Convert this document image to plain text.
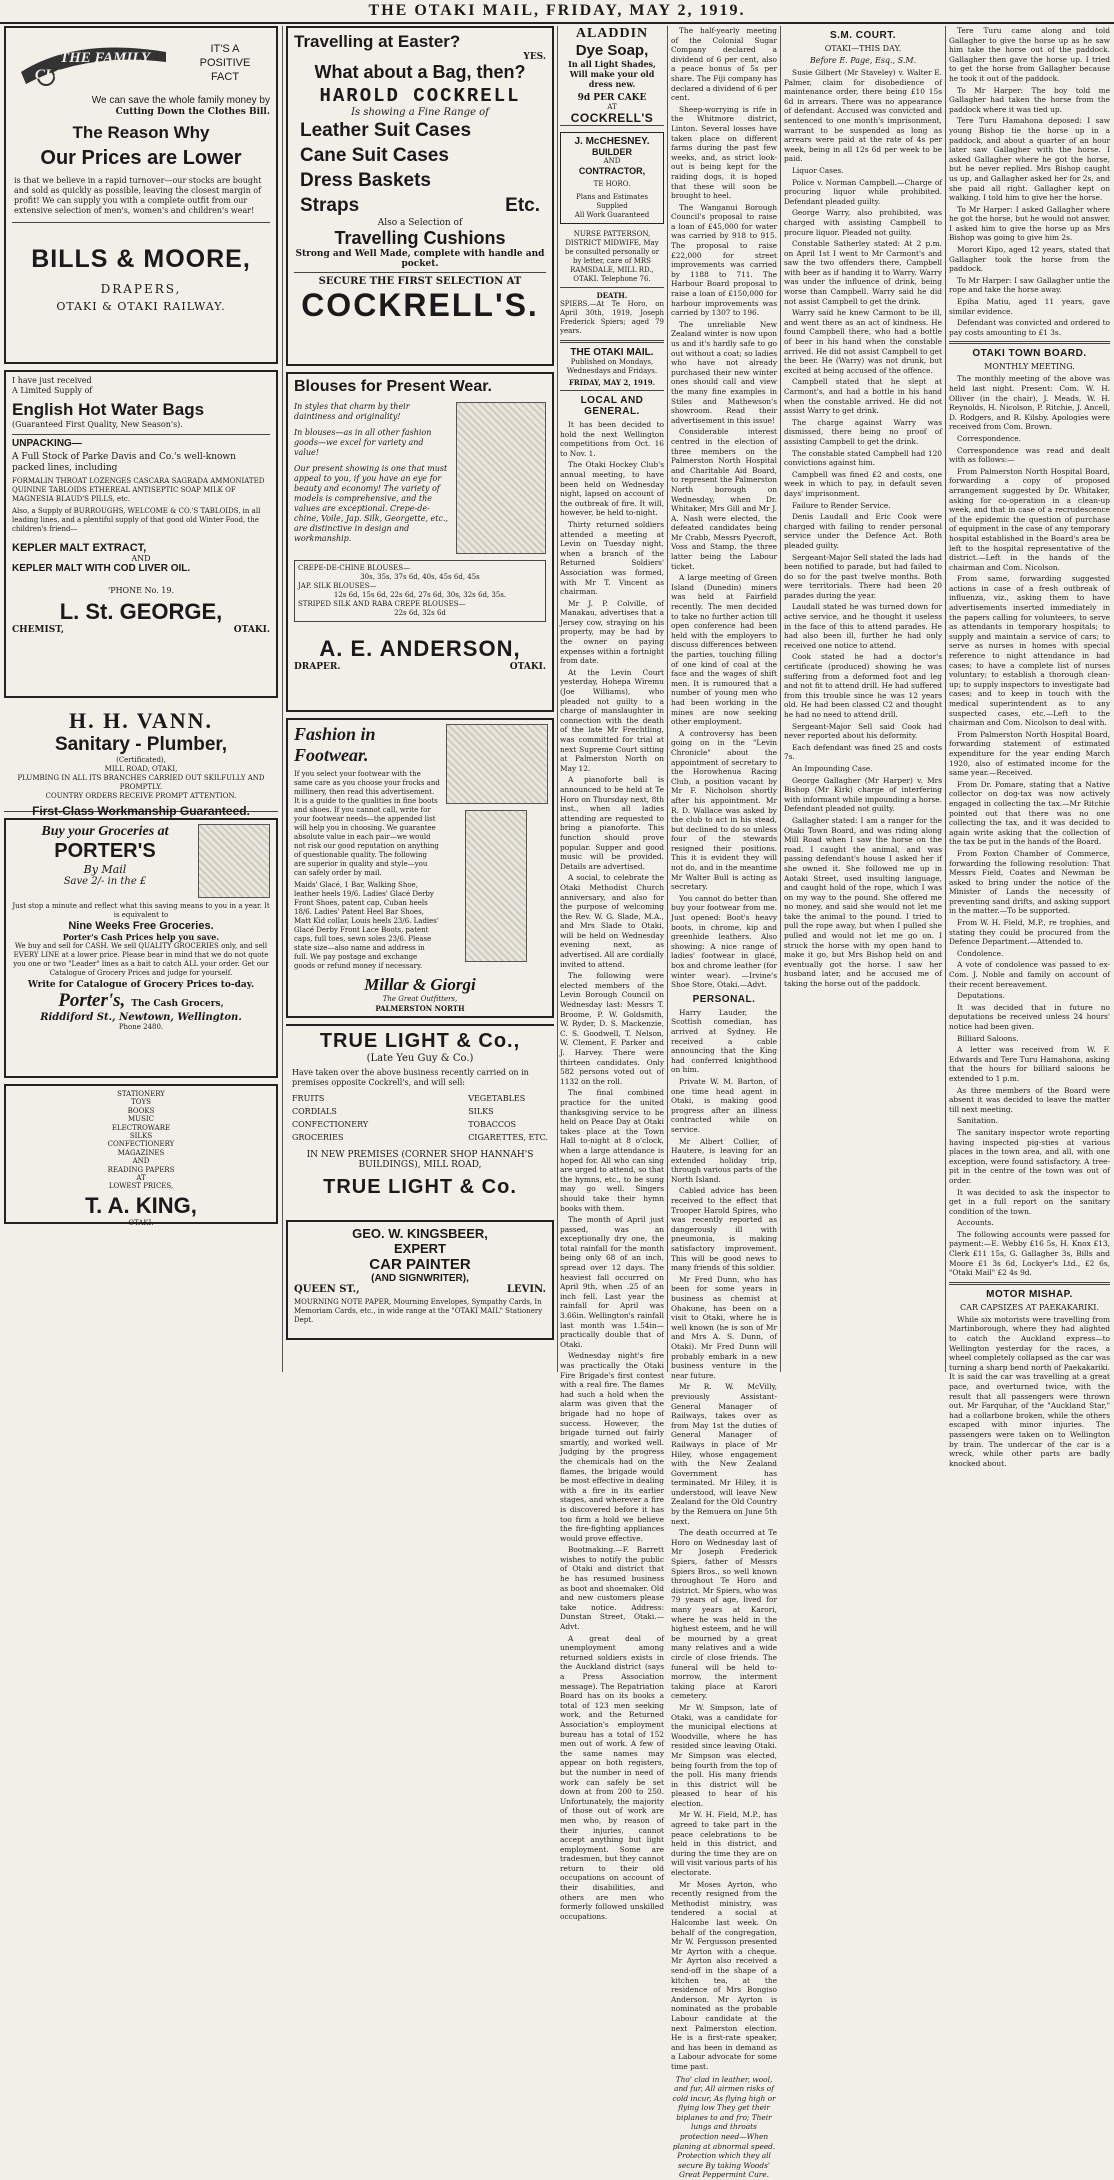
THE OTAKI MAIL, FRIDAY, MAY 2, 1919.
THE FAMILY CLOTHES BILL CUT
IT'S A
POSITIVE
FACT
We can save the whole family money by
Cutting Down the Clothes Bill.
The Reason Why
Our Prices are Lower
is that we believe in a rapid turnover—our stocks are bought and sold as quickly as possible, leaving the closest margin of profit! We can supply you with a complete outfit from our extensive selection of men's, women's and children's wear!
BILLS & MOORE,
DRAPERS,
OTAKI & OTAKI RAILWAY.
I have just received
A Limited Supply of
English Hot Water Bags
(Guaranteed First Quality, New Season's).
UNPACKING—
A Full Stock of Parke Davis and Co.'s well-known packed lines, including
FORMALIN THROAT LOZENGES CASCARA SAGRADA AMMONIATED QUININE TABLOIDS ETHEREAL ANTISEPTIC SOAP MILK OF MAGNESIA BLAUD'S PILLS, etc.
Also, a Supply of BURROUGHS, WELCOME & CO.'S TABLOIDS, in all leading lines, and a plentiful supply of that good old Winter Food, the children's friend—
KEPLER MALT EXTRACT,
AND
KEPLER MALT WITH COD LIVER OIL.
'PHONE No. 19.
L. St. GEORGE,
CHEMIST,	OTAKI.
H. H. VANN.
Sanitary - Plumber,
(Certificated),
MILL ROAD, OTAKI,
PLUMBING IN ALL ITS BRANCHES CARRIED OUT SKILFULLY AND PROMPTLY.
COUNTRY ORDERS RECEIVE PROMPT ATTENTION.
First-Class Workmanship Guaranteed.
Buy your Groceries at
PORTER'S
By Mail
Save 2/- in the £
Just stop a minute and reflect what this saving means to you in a year. It is equivalent to
Nine Weeks Free Groceries.
Porter's Cash Prices help you save.
We buy and sell for CASH. We sell QUALITY GROCERIES only, and sell EVERY LINE at a lower price. Please bear in mind that we do not quote you one or two "Leader" lines as a bait to catch ALL your order. Get our Catalogue of Grocery Prices and judge for yourself.
Write for Catalogue of Grocery Prices to-day.
Porter's, The Cash Grocers,
Riddiford St., Newtown, Wellington.
Phone 2480.
STATIONERY
TOYS
BOOKS
MUSIC
ELECTROWARE
SILKS
CONFECTIONERY
MAGAZINES
AND
READING PAPERS
AT
LOWEST PRICES,
T. A. KING,
OTAKI.
Travelling at Easter?
YES.
What about a Bag, then?
HAROLD COCKRELL
Is showing a Fine Range of
Leather Suit Cases
Cane Suit Cases
Dress Baskets
Straps	Etc.
Also a Selection of
Travelling Cushions
Strong and Well Made, complete with handle and pocket.
SECURE THE FIRST SELECTION AT
COCKRELL'S.
Blouses for Present Wear.
In styles that charm by their daintiness and originality!
In blouses—as in all other fashion goods—we excel for variety and value!
Our present showing is one that must appeal to you, if you have an eye for beauty and economy! The variety of models is comprehensive, and the values are exceptional. Crepe-de-chine, Voile, Jap. Silk, Georgette, etc., are distinctive in design and workmanship.
CREPE-DE-CHINE BLOUSES—
30s, 35s, 37s 6d, 40s, 45s 6d, 45s
JAP. SILK BLOUSES—
12s 6d, 15s 6d, 22s 6d, 27s 6d, 30s, 32s 6d, 35s.
STRIPED SILK AND RABA CREPE BLOUSES—
22s 6d, 32s 6d
A. E. ANDERSON,
DRAPER.	OTAKI.
Fashion in
Footwear.
If you select your footwear with the same care as you choose your frocks and millinery, then read this advertisement. It is a guide to the qualities in fine boots and shoes. If you cannot call, write for your footwear needs—the appended list will help you in choosing. We guarantee absolute value in each pair—we would not risk our good reputation on anything of questionable quality. The following are superior in quality and style—you can safely order by mail.
Maids' Glacé, 1 Bar, Walking Shoe, leather heels 19/6. Ladies' Glacé Derby Front Shoes, patent cap, Cuban heels 18/6. Ladies' Patent Heel Bar Shoes, Matt Kid collar, Louis heels 23/6. Ladies' Glacé Derby Front Lace Boots, patent caps, full toes, sewn soles 23/6. Please state size—also name and address in full. We pay postage and exchange goods or refund money if necessary.
Millar & Giorgi
The Great Outfitters,
PALMERSTON NORTH
TRUE LIGHT & Co.,
(Late Yeu Guy & Co.)
Have taken over the above business recently carried on in premises opposite Cockrell's, and will sell:
FRUITS
CORDIALS
CONFECTIONERY
GROCERIES
VEGETABLES
SILKS
TOBACCOS
CIGARETTES, ETC.
IN NEW PREMISES (CORNER SHOP HANNAH'S BUILDINGS), MILL ROAD,
TRUE LIGHT & Co.
GEO. W. KINGSBEER,
EXPERT
CAR PAINTER
(AND SIGNWRITER),
QUEEN ST.,	LEVIN.
MOURNING NOTE PAPER, Mourning Envelopes, Sympathy Cards, In Memoriam Cards, etc., in wide range at the "OTAKI MAIL" Stationery Dept.
ALADDIN
Dye Soap,
In all Light Shades,
Will make your old dress new.
9d PER CAKE
AT
COCKRELL'S
J. McCHESNEY.
BUILDER
AND
CONTRACTOR,
TE HORO.
Plans and Estimates Supplied
All Work Guaranteed
NURSE PATTERSON, DISTRICT MIDWIFE, May be consulted personally or by letter, care of MRS RAMSDALE, MILL RD., OTAKI. Telephone 76.
DEATH.
SPIERS.—At Te Horo, on April 30th, 1919, Joseph Frederick Spiers; aged 79 years.
THE OTAKI MAIL.
Published on Mondays, Wednesdays and Fridays.
FRIDAY, MAY 2, 1919.
LOCAL AND GENERAL.

It has been decided to hold the next Wellington competitions from Oct. 16 to Nov. 1.

The Otaki Hockey Club's annual meeting, to have been held on Wednesday night, lapsed on account of the outbreak of fire. It will, however, be held to-night.

Thirty returned soldiers attended a meeting at Levin on Tuesday night, when a branch of the Returned Soldiers' Association was formed, with Mr T. Vincent as chairman.

Mr J. P. Colville, of Manakau, advertises that a Jersey cow, straying on his property, may be had by the owner on paying expenses within a fortnight from date.

At the Levin Court yesterday, Hohepa Wiremu (Joe Williams), who pleaded not guilty to a charge of manslaughter in connection with the death of the late Mr Frechtling, was committed for trial at next Supreme Court sitting at Palmerston North on May 12.

A pianoforte ball is announced to be held at Te Horo on Thursday next, 8th inst., when all ladies attending are requested to bring a pianoforte. This function should prove popular. Supper and good music will be provided. Details are advertised.

A social, to celebrate the Otaki Methodist Church anniversary, and also for the purpose of welcoming the Rev. W. G. Slade, M.A., and Mrs Slade to Otaki, will be held on Wednesday evening next, as advertised. All are cordially invited to attend.

The following were elected members of the Levin Borough Council on Wednesday last: Messrs T. Broome, P. W. Goldsmith, W. Ryder, D. S. Mackenzie, C. S. Goodwell, T. Nelson, W. Clement, F. Parker and J. Harvey. There were thirteen candidates. Only 582 persons voted out of 1132 on the roll.

The final combined practice for the united thanksgiving service to be held on Peace Day at Otaki takes place at the Town Hall to-night at 8 o'clock, when a large attendance is hoped for. All who can sing are urged to attend, so that the hymns, etc., to be sung may go well. Singers should take their hymn books with them.

The month of April just passed, was an exceptionally dry one, the total rainfall for the month being only 68 of an inch, spread over 12 days. The heaviest fall occurred on April 9th, when .25 of an inch fell. Last year the rainfall for April was 3.66in. Wellington's rainfall last month was 1.54in—practically double that of Otaki.

Wednesday night's fire was practically the Otaki Fire Brigade's first contest with a real fire. The flames had such a hold when the alarm was given that the brigade had no hope of success. However, the brigade turned out fairly smartly, and worked well. Judging by the progress the chemicals had on the flames, the brigade would be most effective in dealing with a fire in its earlier stages, and wherever a fire is discovered before it has too firm a hold we believe the fire-fighting appliances would prove effective.

Bootmaking.—F. Barrett wishes to notify the public of Otaki and district that he has resumed business as boot and shoemaker. Old and new customers please take notice. Address: Dunstan Street, Otaki.—Advt.

A great deal of unemployment among returned soldiers exists in the Auckland district (says a Press Association message). The Repatriation Board has on its books a total of 123 men seeking work, and the Returned Association's employment bureau has a total of 152 men out of work. A few of the same names may appear on both registers, but the number in need of work can safely be set down at from 200 to 250. Unfortunately, the majority of those out of work are men who, by reason of their injuries, cannot accept anything but light employment. Some are tradesmen, but they cannot return to their old occupations on account of their disabilities, and others are men who formerly followed unskilled occupations.

The half-yearly meeting of the Colonial Sugar Company declared a dividend of 6 per cent, also a peace bonus of 5s per share. The Fiji company has declared a dividend of 6 per cent.

Sheep-worrying is rife in the Whitmore district, Linton. Several losses have taken place on different farms during the past few weeks, and, as strict look-out is being kept for the raiding dogs, it is hoped that these will soon be brought to heel.

The Wanganui Borough Council's proposal to raise a loan of £45,000 for water was carried by 918 to 915. The proposal to raise £22,000 for street improvements was carried by 1188 to 711. The Harbour Board proposal to raise a loan of £150,000 for harbour improvements was carried by 1307 to 196.

The unreliable New Zealand winter is now upon us and it's hardly safe to go out without a coat; so ladies who have not already purchased their new winter ones should call and view the many fine examples in Stiles and Mathewson's showroom. Read their advertisement in this issue!

Considerable interest centred in the election of three members on the Palmerston North Hospital and Charitable Aid Board, to represent the Palmerston North borough on Wednesday, when Dr. Whitaker, Mrs Gill and Mr J. A. Nash were elected, the defeated candidates being Mr Crabb, Messrs Pyecroft, Voss and Stamp, the three latter being the Labour ticket.

A large meeting of Green Island (Dunedin) miners was held at Fairfield recently. The men decided to take no further action till open conference had been held with the employers to discuss differences between the parties, touching filling of one kind of coal at the face and the wages of shift men. It is rumoured that a number of young men who had been working in the mines are now seeking other employment.

A controversy has been going on in the "Levin Chronicle" about the appointment of secretary to the Horowhenua Racing Club, a position vacant by Mr F. Nicholson shortly after his appointment. Mr R. D. Wallace was asked by the club to act in his stead, but declined to do so unless four of the stewards resigned their positions. This it is evident they will not do, and in the meantime Mr Walter Bull is acting as secretary.

You cannot do better than buy your footwear from me. Just opened: Boot's heavy boots, in chrome, kip and greenhide leathers. Also showing: A nice range of ladies' footwear in glacé, box and chrome leather (for winter wear). —Irvine's Shoe Store, Otaki.—Advt.

PERSONAL.

Harry Lauder, the Scottish comedian, has arrived at Sydney. He received a cable announcing that the King had conferred knighthood on him.

Private W. M. Barton, of one time head agent in Otaki, is making good progress after an illness contracted while on service.

Mr Albert Collier, of Hautere, is leaving for an extended holiday trip, through various parts of the North Island.

Cabled advice has been received to the effect that Trooper Harold Spires, who was recently reported as dangerously ill with pneumonia, is making satisfactory improvement. This will be good news to many friends of this soldier.

Mr Fred Dunn, who has been for some years in business as chemist at Ohakune, has been on a visit to Otaki, where he is well known (he is son of Mr and Mrs A. S. Dunn, of Otaki). Mr Fred Dunn will probably embark in a new business venture in the near future.

Mr R. W. McVilly, previously Assistant-General Manager of Railways, takes over as from May 1st the duties of General Manager of Railways in place of Mr Hiley, whose engagement with the New Zealand Government has terminated. Mr Hiley, it is understood, will leave New Zealand for the Old Country by the Remuera on June 5th next.

The death occurred at Te Horo on Wednesday last of Mr Joseph Frederick Spiers, father of Messrs Spiers Bros., so well known throughout Te Horo and district. Mr Spiers, who was 79 years of age, lived for many years at Karori, where he was held in the highest esteem, and he will be mourned by a great many relatives and a wide circle of close friends. The funeral will be held to-morrow, the interment taking place at Karori cemetery.

Mr W. Simpson, late of Otaki, was a candidate for the municipal elections at Woodville, where he has resided since leaving Otaki. Mr Simpson was elected, being fourth from the top of the poll. His many friends in this district will be pleased to hear of his election.

Mr W. H. Field, M.P., has agreed to take part in the peace celebrations to be held in this district, and during the time they are on will visit various parts of his electorate.

Mr Moses Ayrton, who recently resigned from the Methodist ministry, was tendered a social at Halcombe last week. On behalf of the congregation, Mr W. Fergusson presented Mr Ayrton with a cheque. Mr Ayrton also received a send-off in the shape of a kitchen tea, at the residence of Mrs Bongiso Anderson. Mr Ayrton is nominated as the probable Labour candidate at the next Palmerston election. He is a first-rate speaker, and has been in demand as a Labour advocate for some time past.

Tho' clad in leather, wool, and fur, All airmen risks of cold incur, As flying high or flying low They get their biplanes to and fro; Their lungs and throats protection need—When planing at abnormal speed. Protection which they all secure By taking Woods' Great Peppermint Cure.
S.M. COURT.
OTAKI—THIS DAY.
Before E. Page, Esq., S.M.

Susie Gilbert (Mr Staveley) v. Walter E. Palmer, claim for disobedience of maintenance order, there being £10 15s 6d in arrears. There was no appearance of defendant. Accused was convicted and sentenced to one month's imprisonment, warrant to be suspended as long as arrears were paid at the rate of 4s per week, being in all 12s 6d per week to be paid.

Liquor Cases.

Police v. Norman Campbell.—Charge of procuring liquor while prohibited. Defendant pleaded guilty.

George Warry, also prohibited, was charged with assisting Campbell to procure liquor. Pleaded not guilty.

Constable Satherley stated: At 2 p.m. on April 1st I went to Mr Carmont's and saw the two offenders there, Campbell with beer as if handing it to Warry. Warry was under the influence of drink, being worse than Campbell. Warry said he did not assist Campbell to get the drink.

Warry said he knew Carmont to be ill, and went there as an act of kindness. He found Campbell there, who had a bottle of beer in his hand when the constable arrived. He did not assist Campbell to get the beer. He (Warry) was not drunk, but excited at being accused of the offence.

Campbell stated that he slept at Carmont's, and had a bottle in his hand when the constable arrived. He did not assist Warry to get drink.

The charge against Warry was dismissed, there being no proof of assisting Campbell to get the drink.

The constable stated Campbell had 120 convictions against him.

Campbell was fined £2 and costs, one week in which to pay, in default seven days' imprisonment.

Failure to Render Service.

Denis Laudall and Eric Cook were charged with failing to render personal service under the Defence Act. Both pleaded guilty.

Sergeant-Major Sell stated the lads had been notified to parade, but had failed to do so for the past twelve months. Both were territorials. There had been 20 parades during the year.

Laudall stated he was turned down for active service, and he thought it useless in the face of this to attend parades. He had also been ill, further he had only received one notice to attend.

Cook stated he had a doctor's certificate (produced) showing he was suffering from a deformed foot and leg and not fit to attend drill. He had suffered from this trouble since he was 12 years old. He had been classed C2 and thought he had no need to attend drill.

Sergeant-Major Sell said Cook had never reported about his deformity.

Each defendant was fined 25 and costs 7s.

An Impounding Case.

George Gallagher (Mr Harper) v. Mrs Bishop (Mr Kirk) charge of interfering with informant while impounding a horse. Defendant pleaded not guilty.

Gallagher stated: I am a ranger for the Otaki Town Board, and was riding along Mill Road when I saw the horse on the road. I caught the animal, and was passing defendant's house I asked her if she owned it. She followed me up in Aotaki Street, used insulting language, and caught hold of the rope, which I was on my way to the pound. She offered me no money, and said she would not let me take the animal to the pound. I tried to pull the rope away, but when I pulled she pulled and would not let me go on. I struck the horse with my open hand to make it go, but Mrs Bishop held on and eventually got the horse. I saw her husband later, and he accused me of taking the horse out of the paddock.

Tere Turu came along and told Gallagher to give the horse up as he saw him take the horse out of the paddock. Gallagher then gave the horse up. I tried to get the horse from Gallagher because he took it out of the paddock.

To Mr Harper: The boy told me Gallagher had taken the horse from the paddock where it was tied up.

Tere Turu Hamahona deposed: I saw young Bishop tie the horse up in a paddock, and about a quarter of an hour later saw Gallagher with the horse. I asked Gallagher where he got the horse, but he never replied. Mrs Bishop caught us up, and Gallagher asked her for 2s, and she paid all right. Gallagher kept on walking. I told him to give her the horse.

To Mr Harper: I asked Gallagher where he got the horse, but he would not answer. I asked him to give the horse up as Mrs Bishop was going to give him 2s.

Morori Kipo, aged 12 years, stated that Gallagher took the horse from the paddock.

To Mr Harper: I saw Gallagher untie the rope and take the horse away.

Epiha Matiu, aged 11 years, gave similar evidence.

Defendant was convicted and ordered to pay costs amounting to £1 3s.

OTAKI TOWN BOARD.
MONTHLY MEETING.

The monthly meeting of the above was held last night. Present: Com. W. H. Olliver (in the chair), J. Meads, W. H. Reynolds, H. Nicolson, P. Ritchie, J. Ancell, D. Rodgers, and R. Kilsby. Apologies were received from Com. Brown.

Correspondence.

Correspondence was read and dealt with as follows:—

From Palmerston North Hospital Board, forwarding a copy of proposed arrangement suggested by Dr. Whitaker, asking for co-operation in a clean-up week, and that in case of a recrudescence of the epidemic the question of purchase of equipment in the case of any temporary hospital established in the Board's area be left to the hospital representative of the district.—Left in the hands of the chairman and Com. Nicolson.

From same, forwarding suggested actions in case of a fresh outbreak of influenza, viz., asking them to have advertisements inserted immediately in the papers calling for volunteers, to serve as attendants in temporary hospitals; to supply and maintain a service of cars; to serve as nurses in homes with special reference to night attendance in bad cases; to have a complete list of nurses voluntary; to establish a thorough clean-up; to supply inspectors to investigate bad cases; and to keep in touch with the medical superintendent as to any suspected cases, etc.—Left to the chairman and Com. Nicolson to deal with.

From Palmerston North Hospital Board, forwarding statement of estimated expenditure for the year ending March 1920, also of estimated income for the same year.—Received.

From Dr. Pomare, stating that a Native collector on dog-tax was now actively engaged in collecting the tax.—Mr Ritchie pointed out that there was no one collecting the tax, and it was decided to again write asking that the collection of the tax be put in the hands of the Board.

From Foxton Chamber of Commerce, forwarding the following resolution: That Messrs Field, Coates and Newman be asked to bring under the notice of the Minister of Lands the necessity of preventing sand drifts, and asking support in the matter.—To be supported.

From W. H. Field, M.P., re trophies, and stating they could be procured from the Defence Department.—Attended to.

Condolence.

A vote of condolence was passed to ex-Com. J. Noble and family on account of their recent bereavement.

Deputations.

It was decided that in future no deputations be received unless 24 hours' notice had been given.

Billiard Saloons.

A letter was received from W. F. Edwards and Tere Turu Hamahona, asking that the hours for billiard saloons be extended to 1 p.m.

As three members of the Board were absent it was decided to leave the matter till next meeting.

Sanitation.

The sanitary inspector wrote reporting having inspected pig-sties at various places in the town area, and all, with one exception, were found satisfactory. A tree-pit in the centre of the town was out of order.

It was decided to ask the inspector to get in a full report on the sanitary condition of the town.

Accounts.

The following accounts were passed for payment:—E. Webby £16 5s, H. Knox £13, Clerk £11 15s, G. Gallagher 3s, Bills and Moore £1 3s 6d, Lockyer's Ltd., £2 6s, "Otaki Mail" £2 4s 9d.

MOTOR MISHAP.
CAR CAPSIZES AT PAEKAKARIKI.

While six motorists were travelling from Martinborough, where they had alighted to catch the Auckland express—to Wellington yesterday for the races, a wheel completely collapsed as the car was turning a sharp bend north of Paekakariki. It is said the car was travelling at a great pace, and overturned twice, with the result that all passengers were thrown out. Mr Farquhar, of the "Auckland Star," had a collarbone broken, while the others escaped with minor injuries. The passengers were taken on to Wellington by train. The undercar of the car is a wreck, while other parts are badly knocked about.
